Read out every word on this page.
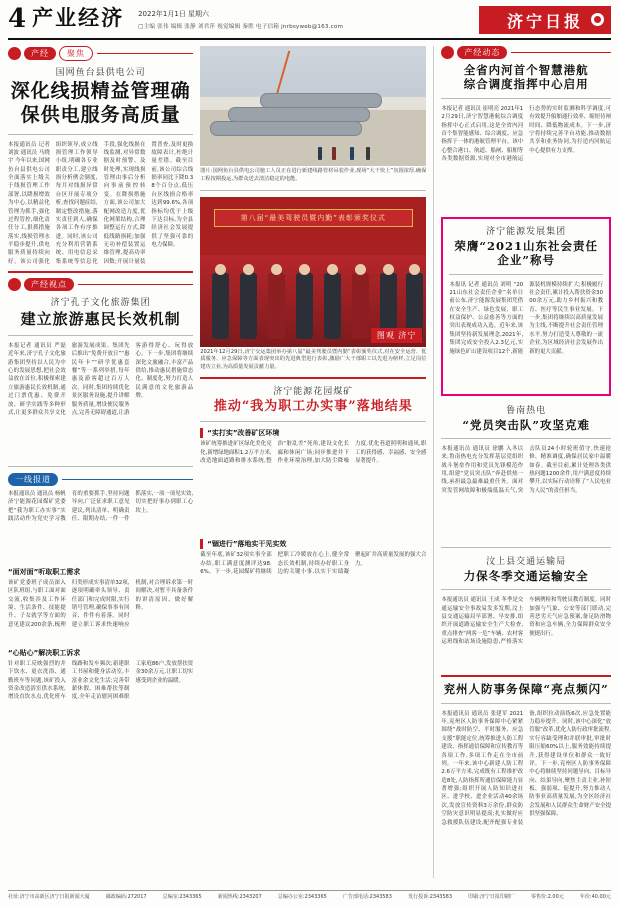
4 产业经济 2022年1月1日 星期六
□主编 张伟 编辑 张静 刘君萍 视觉编辑 秦胜 电子信箱 jnrbsyweb@163.com	济宁日报
产经	聚焦
国网鱼台县供电公司
深化线损精益管理确保供电服务高质量
本报通讯员 记者 刘波 通讯员 马晓宇 今年以来,国网鱼台县供电公司全面落实上级关于线损管理工作部署,以降损增效为中心,以精益化管理为抓手,强化过程管控,细化责任分工,狠抓措施落实,线损管理水平稳步提升,供电服务质量持续向好。该公司强化组织领导,成立线损管理工作领导小组,明确各专业职责分工,建立线损分析例会制度,每月对线损异常台区开展专项分析,查找问题症结,制定整改措施,落实责任到人,确保各项工作有序推进。同时,该公司充分利用营销系统、用电信息采集系统等信息化手段,强化线损在线监测,对异常数据及时预警、及时处理,实现线损管理由事后分析向事前预控转变。在降损措施方面,该公司加大配网改造力度,优化网架结构,合理调整运行方式,降低线路损耗;加强无功补偿装置运维管理,提高功率因数;开展计量装置普查,及时更换故障表计,杜绝计量差错。截至目前,该公司综合线损率同比下降0.38个百分点,低压台区线损合格率达到99.6%,各项指标均优于上级下达目标,为全县经济社会发展提供了坚强可靠的电力保障。
产经视点
济宁孔子文化旅游集团
建立旅游惠民长效机制
本报记者 通讯员 严磊 近年来,济宁孔子文化旅游集团坚持以人民为中心的发展思想,把社会效益放在首位,积极探索建立旅游惠民长效机制,通过门票优惠、免费开放、研学实践等多种形式,让更多群众共享文化旅游发展成果。集团先后推出“免费开放日”“惠民年卡”“研学优惠套餐”等一系列举措,每年惠及游客超过百万人次。同时,集团持续优化景区服务设施,提升讲解服务质量,增设便民服务点,完善无障碍通道,让游客游得舒心、玩得放心。下一步,集团将继续深化文旅融合,丰富产品供给,推动惠民措施常态化、制度化,努力打造人民满意的文化旅游品牌。
一线报道
本报通讯员 通讯员 杨帆 济宁能源花园煤矿党委把“我为职工办实事”实践活动作为党史学习教育的重要抓手,坚持问题导向,广泛征求职工意见建议,列出清单、明确责任、限期办结,一件一件抓落实,一项一项见实效,切实把好事办到职工心坎上。
“面对面”听取职工需求
该矿党委班子成员深入区队班组,与职工面对面交流,收集涉及工作环境、生活条件、技能提升、子女就学等方面的意见建议200余条,梳理归类形成实事清单32项,逐项明确牵头领导、责任部门和完成时限,实行销号管理,确保事事有回音、件件有着落。同时建立职工诉求快速响应机制,对合理诉求第一时间解决,对暂不具备条件的讲清原因、做好解释。
“心贴心”解决职工诉求
针对职工反映强烈的井下饮水、更衣洗浴、通勤班车等问题,该矿投入资金改造浴室供水系统,增设直饮水点,优化班车线路和发车频次;新建职工书屋和健身活动室,丰富业余文化生活;完善带薪休假、困难帮扶等制度,全年走访慰问困难职工家庭86户,发放帮扶资金30余万元,让职工切实感受到企业的温暖。
图片:国网鱼台县供电公司施工人员正在进行新建线路管材吊装作业,现场“大干快上”氛围浓厚,确保工程按期投运,为群众送去清洁稳定的电能。
第八届“最美驾驶员暨内勤”表彰颁奖仪式
图观 济宁
2021年12月29日,济宁交运集团举办第八届“最美驾驶员暨内勤”表彰颁奖仪式,对在安全运营、优质服务、应急保障等方面表现突出的先进典型进行表彰,激励广大干部职工以先进为榜样,立足岗位建功立业,为高质量发展贡献力量。
济宁能源花园煤矿
推动“我为职工办实事”落地结果
“实打实”改善矿区环境
该矿统筹推进矿区绿化美化亮化,新增绿地面积1.2万平方米,改造地面道路和排水系统,整治“脏乱差”死角,建设文化长廊和休闲广场;同步推进井下作业环境治理,加大防尘降噪力度,优化巷道照明和通风,职工的获得感、幸福感、安全感显著提升。
“锢进行”落地实干见实效
截至年底,该矿32项实事全部办结,职工满意度测评达98.6%。下一步,花园煤矿将继续把职工冷暖放在心上,健全常态长效机制,持续办好职工身边的关键小事,以实干实绩凝聚起矿井高质量发展的强大合力。
产经动态
全省内河首个智慧港航
综合调度指挥中心启用
本报记者 通讯员 崔明亮 2021年12月29日,济宁智慧港航综合调度指挥中心正式启用,这是全省内河首个集智能感知、综合调度、应急指挥于一体的港航管理平台。该中心整合港口、航道、船闸、船舶等各类数据资源,实现对全市港航运行态势的实时监测和科学调度,可有效提升船舶通行效率、缩短待闸时间、降低物流成本。下一步,济宁将持续完善平台功能,推动数据共享和业务协同,为打造内河航运中心提供有力支撑。
济宁能源发展集团
荣膺“2021山东社会责任企业”称号
本报讯 记者 通讯员 刘明 “2021山东社会责任企业”名单日前公布,济宁能源发展集团凭借在安全生产、绿色发展、职工权益保护、公益慈善等方面的突出表现成功入选。近年来,该集团坚持新发展理念,2021年,集团完成安全投入2.3亿元,实施绿色矿山建设项目12个,新能源装机规模持续扩大;积极履行社会责任,累计投入帮扶资金3000余万元,助力乡村振兴和教育、医疗等民生事业发展。下一步,集团将继续以高质量发展为主线,不断提升社会责任管理水平,努力打造受人尊敬的一流企业,为区域经济社会发展作出新的更大贡献。
鲁南热电
“党员突击队”攻坚克难
本报通讯员 通讯员 徐鹏 入冬以来,鲁南热电充分发挥基层党组织战斗堡垒作用和党员先锋模范作用,组建“党员突击队”奔赴供热一线,承担最急最难最重任务。面对突发管网故障和极端低温天气,突击队员24小时轮班值守,快速抢修、精准调度,确保居民家中温暖如春。截至目前,累计处理各类供热问题1200余件,用户满意度持续攀升,以实际行动诠释了“人民电业为人民”的责任担当。
汶上县交通运输局
力保冬季交通运输安全
本报通讯员 通讯员 王成 冬季是交通运输安全事故易发多发期,汶上县交通运输局早部署、早安排,组织开展道路运输安全生产大检查,重点排查“两客一危”车辆、农村客运班线和站场设施隐患,严格落实车辆例检和驾驶员教育制度。同时加强与气象、公安等部门联动,完善恶劣天气应急预案,备足防滑物资和应急车辆,全力保障群众安全便捷出行。
兖州人防事务保障“亮点频闪”
本报通讯员 通讯员 张建军 2021年,兖州区人防事务保障中心紧紧围绕“战时防空、平时服务、应急支援”职能定位,统筹推进人防工程建设、指挥通信保障和宣传教育等各项工作,多项工作走在全市前列。一年来,该中心新建人防工程2.6万平方米,完成既有工程维护改造8处,人防指挥所通信保障能力显著增强;组织开展人防知识进社区、进学校、进企业活动40余场次,发放宣传资料3万余份,群众防空防灾意识明显提高;扎实做好应急救援队伍建设,配齐配强专业装备,组织拉动演练6次,应急处置能力稳步提升。同时,该中心深化“放管服”改革,优化人防行政审批流程,实行容缺受理和并联审批,审批时限压缩60%以上,服务效能持续提升,获得建设单位和群众一致好评。下一步,兖州区人防事务保障中心将继续坚持问题导向、目标导向、结果导向,聚焦主责主业,补短板、强弱项、促提升,努力推动人防事业高质量发展,为全区经济社会发展和人民群众生命财产安全提供坚强保障。
社址:济宁市高新区济宁日报新闻大厦	邮政编码:272017	总编室:2343365	新闻热线:2343207	总编办公室:2343365	广告部电话:2343583	发行投诉:2343583	印刷:济宁日报印刷厂	零售价:2.00元	年价:40.00元
